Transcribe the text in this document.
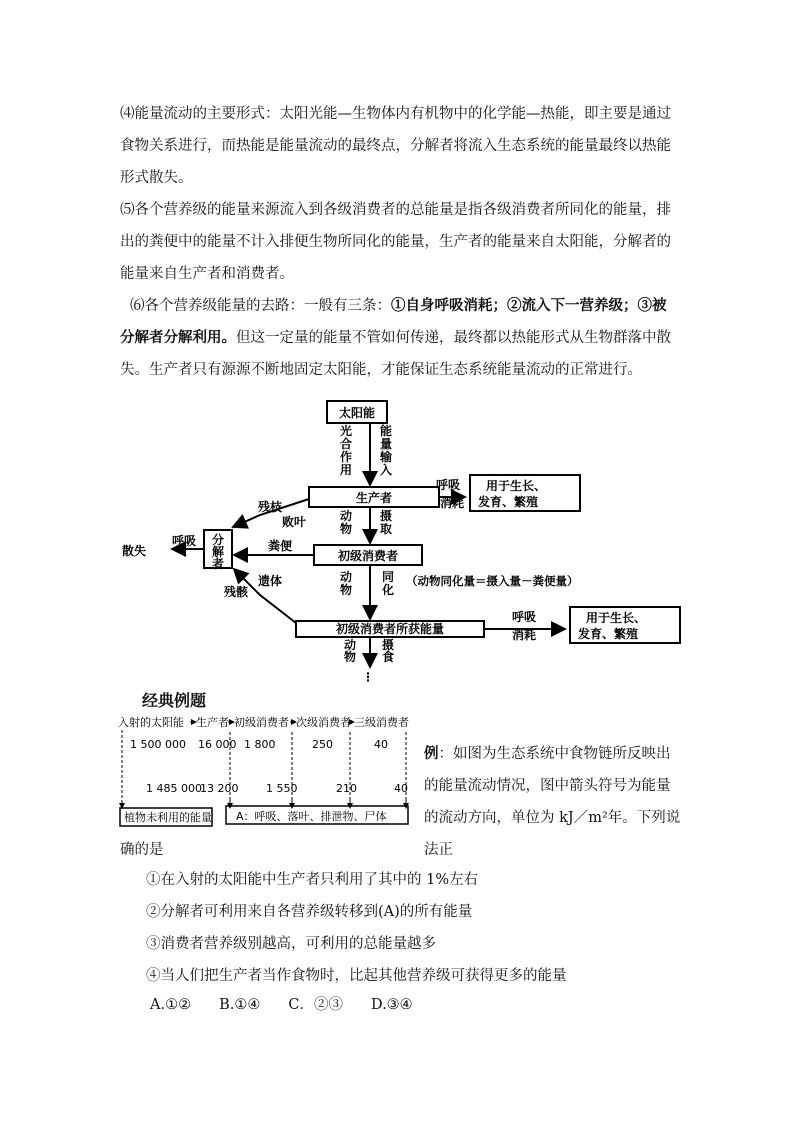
⑷能量流动的主要形式：太阳光能—生物体内有机物中的化学能—热能，即主要是通过食物关系进行，而热能是能量流动的最终点，分解者将流入生态系统的能量最终以热能形式散失。
⑸各个营养级的能量来源流入到各级消费者的总能量是指各级消费者所同化的能量，排出的粪便中的能量不计入排便生物所同化的能量，生产者的能量来自太阳能，分解者的能量来自生产者和消费者。
⑹各个营养级能量的去路：一般有三条：①自身呼吸消耗；②流入下一营养级；③被分解者分解利用。但这一定量的能量不管如何传递，最终都以热能形式从生物群落中散失。生产者只有源源不断地固定太阳能，才能保证生态系统能量流动的正常进行。
太阳能
光
合
作
用
能
量
输
入
生产者
呼吸
消耗
用于生长、
发育、繁殖
残枝
败叶	动
物
摄
取
分
解
者
呼吸
散失	粪便
初级消费者
动
物
同
化
（动物同化量＝摄入量－粪便量）
遗体
残骸
初级消费者所获能量
呼吸
消耗
用于生长、
发育、繁殖
动
物
摄
食
⋮
经典例题
入射的太阳能 生产者 初级消费者 次级消费者 三级消费者
1 500 000 16 000 1 800	250	40
1 485 000
13 200	1 550	210	40
植物未利用的能量 A：呼吸、落叶、排泄物、尸体
例：如图为生态系统中食物链所反映出的能量流动情况，图中箭头符号为能量的流动方向，单位为 kJ／m²年。下列说法正
确的是
①在入射的太阳能中生产者只利用了其中的 1%左右
②分解者可利用来自各营养级转移到(A)的所有能量
③消费者营养级别越高，可利用的总能量越多
④当人们把生产者当作食物时，比起其他营养级可获得更多的能量
A.①② B.①④ C．②③ D.③④
